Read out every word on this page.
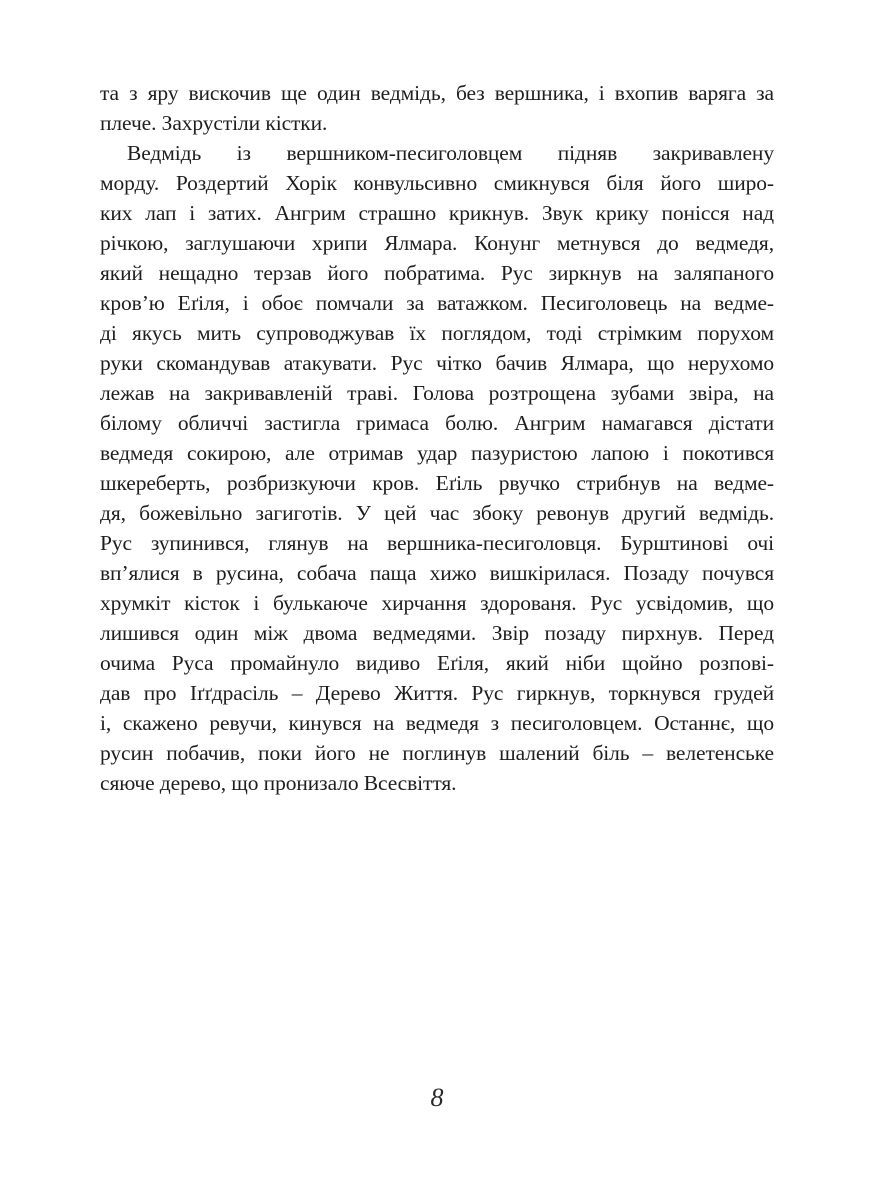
та з яру вискочив ще один ведмідь, без вершника, і вхопив варяга за
плече. Захрустіли кістки.
Ведмідь із вершником-песиголовцем підняв закривавлену
морду. Роздертий Хорік конвульсивно смикнувся біля його широ-
ких лап і затих. Ангрим страшно крикнув. Звук крику понісся над
річкою, заглушаючи хрипи Ялмара. Конунг метнувся до ведмедя,
який нещадно терзав його побратима. Рус зиркнув на заляпаного
кров’ю Еґіля, і обоє помчали за ватажком. Песиголовець на ведме-
ді якусь мить супроводжував їх поглядом, тоді стрімким порухом
руки скомандував атакувати. Рус чітко бачив Ялмара, що нерухомо
лежав на закривавленій траві. Голова розтрощена зубами звіра, на
білому обличчі застигла гримаса болю. Ангрим намагався дістати
ведмедя сокирою, але отримав удар пазуристою лапою і покотився
шкереберть, розбризкуючи кров. Еґіль рвучко стрибнув на ведме-
дя, божевільно загиготів. У цей час збоку ревонув другий ведмідь.
Рус зупинився, глянув на вершника-песиголовця. Бурштинові очі
вп’ялися в русина, собача паща хижо вишкірилася. Позаду почувся
хрумкіт кісток і булькаюче хирчання здорованя. Рус усвідомив, що
лишився один між двома ведмедями. Звір позаду пирхнув. Перед
очима Руса промайнуло видиво Еґіля, який ніби щойно розпові-
дав про Іґґдрасіль – Дерево Життя. Рус гиркнув, торкнувся грудей
і, скажено ревучи, кинувся на ведмедя з песиголовцем. Останнє, що
русин побачив, поки його не поглинув шалений біль – велетенське
сяюче дерево, що пронизало Всесвіття.
8
